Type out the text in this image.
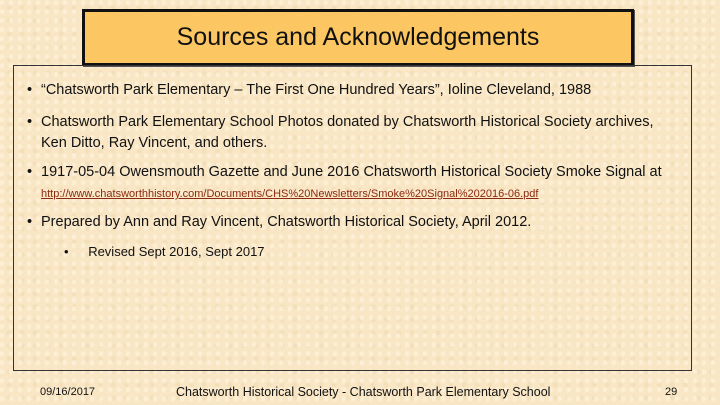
Sources and Acknowledgements
• “Chatsworth Park Elementary – The First One Hundred Years”, Ioline Cleveland, 1988
• Chatsworth Park Elementary School Photos donated by Chatsworth Historical Society archives, Ken Ditto, Ray Vincent, and others.
• 1917-05-04 Owensmouth Gazette and June 2016 Chatsworth Historical Society Smoke Signal at http://www.chatsworthhistory.com/Documents/CHS%20Newsletters/Smoke%20Signal%202016-06.pdf
• Prepared by Ann and Ray Vincent, Chatsworth Historical Society, April 2012.
• Revised Sept 2016, Sept 2017
09/16/2017	Chatsworth Historical Society - Chatsworth Park Elementary School	29
